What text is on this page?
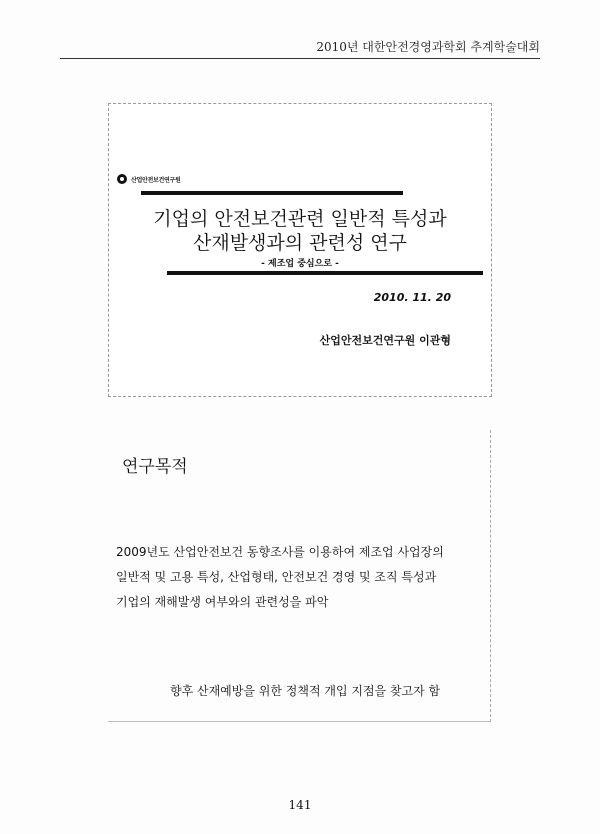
2010년 대한안전경영과학회 추계학술대회
산업안전보건연구원
기업의 안전보건관련 일반적 특성과
산재발생과의 관련성 연구
- 제조업 중심으로 -
2010. 11. 20
산업안전보건연구원 이관형
연구목적
2009년도 산업안전보건 동향조사를 이용하여 제조업 사업장의
일반적 및 고용 특성, 산업형태, 안전보건 경영 및 조직 특성과
기업의 재해발생 여부와의 관련성을 파악
향후 산재예방을 위한 정책적 개입 지점을 찾고자 함
141
